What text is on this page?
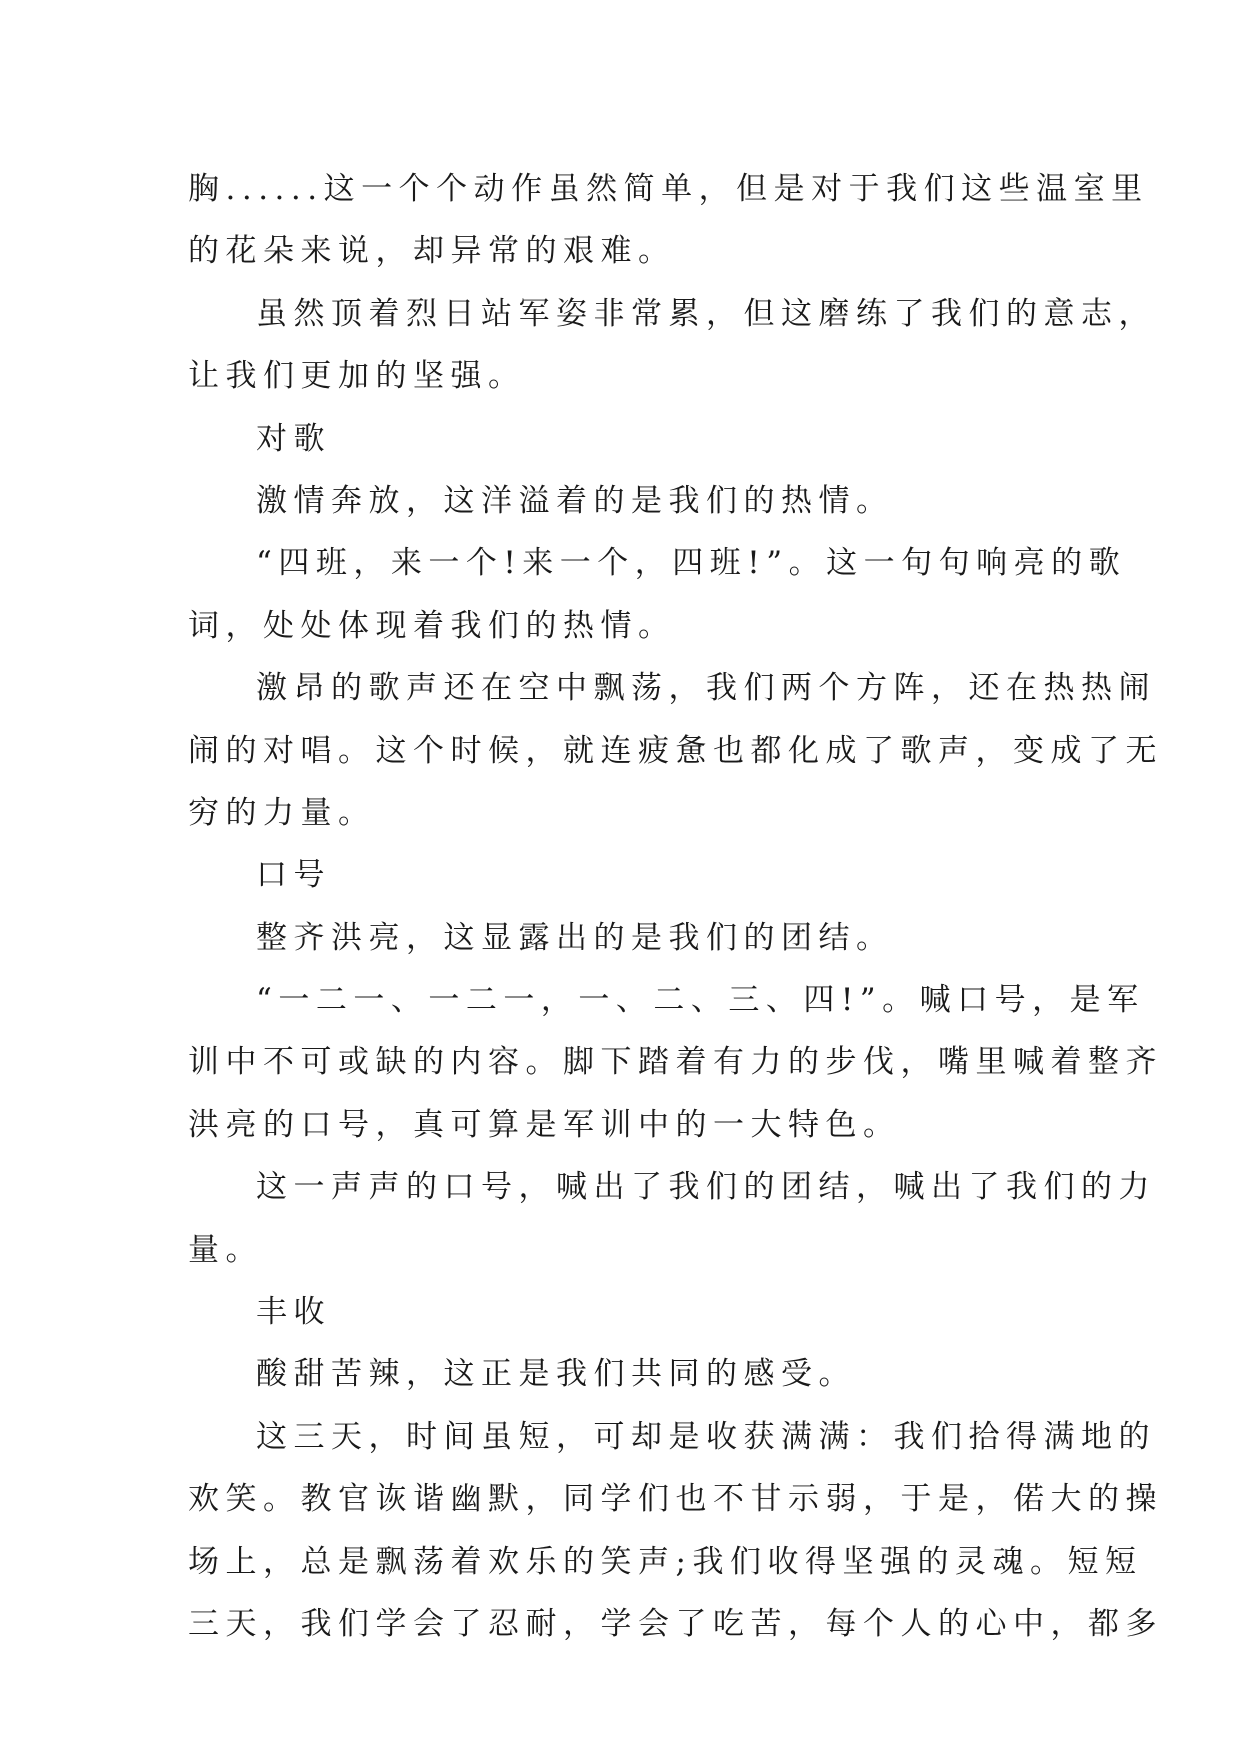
胸......这一个个动作虽然简单，但是对于我们这些温室里

的花朵来说，却异常的艰难。

虽然顶着烈日站军姿非常累，但这磨练了我们的意志，

让我们更加的坚强。

对歌

激情奔放，这洋溢着的是我们的热情。

“四班，来一个!来一个，四班!”。这一句句响亮的歌

词，处处体现着我们的热情。

激昂的歌声还在空中飘荡，我们两个方阵，还在热热闹

闹的对唱。这个时候，就连疲惫也都化成了歌声，变成了无

穷的力量。

口号

整齐洪亮，这显露出的是我们的团结。

“一二一、一二一，一、二、三、四!”。喊口号，是军

训中不可或缺的内容。脚下踏着有力的步伐，嘴里喊着整齐

洪亮的口号，真可算是军训中的一大特色。

这一声声的口号，喊出了我们的团结，喊出了我们的力

量。

丰收

酸甜苦辣，这正是我们共同的感受。

这三天，时间虽短，可却是收获满满：我们拾得满地的

欢笑。教官诙谐幽默，同学们也不甘示弱，于是，偌大的操

场上，总是飘荡着欢乐的笑声;我们收得坚强的灵魂。短短

三天，我们学会了忍耐，学会了吃苦，每个人的心中，都多
